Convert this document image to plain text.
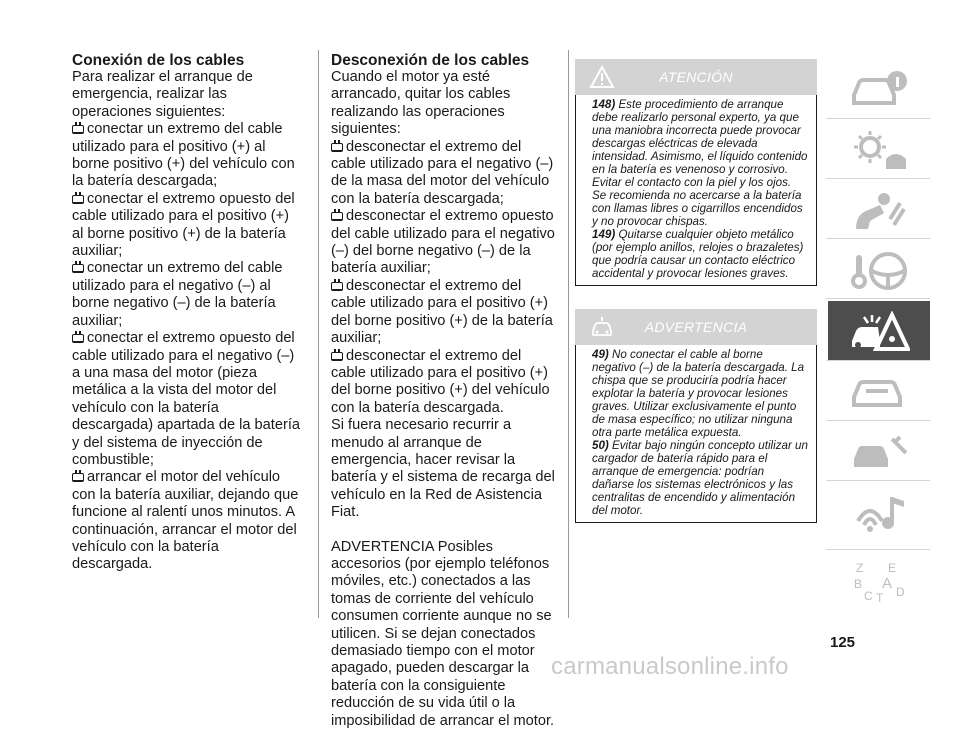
Conexión de los cables

Para realizar el arranque de emergencia, realizar las operaciones siguientes:

conectar un extremo del cable utilizado para el positivo (+) al borne positivo (+) del vehículo con la batería descargada;

conectar el extremo opuesto del cable utilizado para el positivo (+) al borne positivo (+) de la batería auxiliar;

conectar un extremo del cable utilizado para el negativo (–) al borne negativo (–) de la batería auxiliar;

conectar el extremo opuesto del cable utilizado para el negativo (–) a una masa del motor (pieza metálica a la vista del motor del vehículo con la batería descargada) apartada de la batería y del sistema de inyección de combustible;

arrancar el motor del vehículo con la batería auxiliar, dejando que funcione al ralentí unos minutos. A continuación, arrancar el motor del vehículo con la batería descargada.

Desconexión de los cables

Cuando el motor ya esté arrancado, quitar los cables realizando las operaciones siguientes:

desconectar el extremo del cable utilizado para el negativo (–) de la masa del motor del vehículo con la batería descargada;

desconectar el extremo opuesto del cable utilizado para el negativo (–) del borne negativo (–) de la batería auxiliar;

desconectar el extremo del cable utilizado para el positivo (+) del borne positivo (+) de la batería auxiliar;

desconectar el extremo del cable utilizado para el positivo (+) del borne positivo (+) del vehículo con la batería descargada.

Si fuera necesario recurrir a menudo al arranque de emergencia, hacer revisar la batería y el sistema de recarga del vehículo en la Red de Asistencia Fiat.

ADVERTENCIA Posibles accesorios (por ejemplo teléfonos móviles, etc.) conectados a las tomas de corriente del vehículo consumen corriente aunque no se utilicen. Si se dejan conectados demasiado tiempo con el motor apagado, pueden descargar la batería con la consiguiente reducción de su vida útil o la imposibilidad de arrancar el motor.

ATENCIÓN
148) Este procedimiento de arranque debe realizarlo personal experto, ya que una maniobra incorrecta puede provocar descargas eléctricas de elevada intensidad. Asimismo, el líquido contenido en la batería es venenoso y corrosivo. Evitar el contacto con la piel y los ojos. Se recomienda no acercarse a la batería con llamas libres o cigarrillos encendidos y no provocar chispas.
149) Quitarse cualquier objeto metálico (por ejemplo anillos, relojes o brazaletes) que podría causar un contacto eléctrico accidental y provocar lesiones graves.
ADVERTENCIA
49) No conectar el cable al borne negativo (–) de la batería descargada. La chispa que se produciría podría hacer explotar la batería y provocar lesiones graves. Utilizar exclusivamente el punto de masa específico; no utilizar ninguna otra parte metálica expuesta.
50) Evitar bajo ningún concepto utilizar un cargador de batería rápido para el arranque de emergencia: podrían dañarse los sistemas electrónicos y las centralitas de encendido y alimentación del motor.
Z E
B A
C T D
125
carmanualsonline.info
